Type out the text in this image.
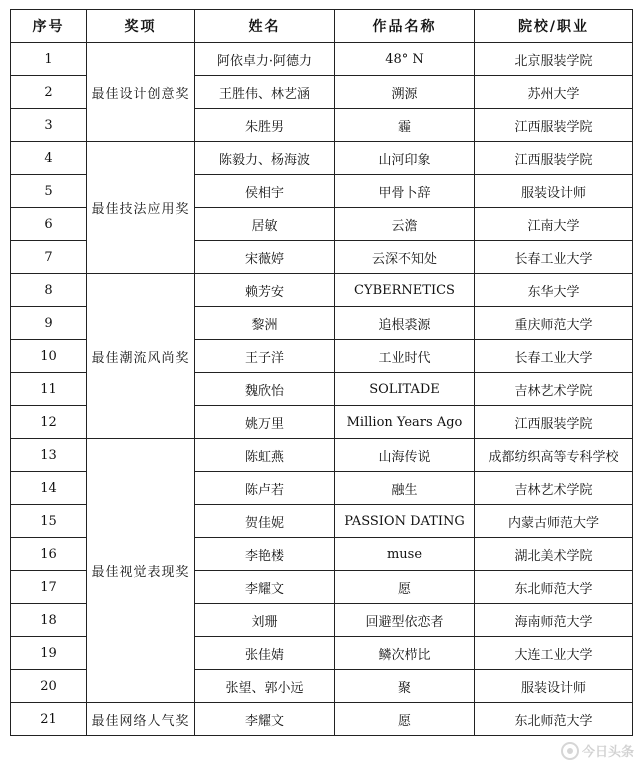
序号	奖项	姓名	作品名称	院校/职业
1	最佳设计创意奖	阿依卓力·阿德力	48° N	北京服装学院
2		王胜伟、林艺涵	溯源	苏州大学
3		朱胜男	霾	江西服装学院
4	最佳技法应用奖	陈毅力、杨海波	山河印象	江西服装学院
5		侯相宇	甲骨卜辞	服装设计师
6		居敏	云澹	江南大学
7		宋薇婷	云深不知处	长春工业大学
8	最佳潮流风尚奖	赖芳安	CYBERNETICS	东华大学
9		黎洲	追根裘源	重庆师范大学
10		王子洋	工业时代	长春工业大学
11		魏欣怡	SOLITADE	吉林艺术学院
12		姚万里	Million Years Ago	江西服装学院
13	最佳视觉表现奖	陈虹燕	山海传说	成都纺织高等专科学校
14		陈卢若	融生	吉林艺术学院
15		贺佳妮	PASSION DATING	内蒙古师范大学
16		李艳楼	muse	湖北美术学院
17		李耀文	愿	东北师范大学
18		刘珊	回避型依恋者	海南师范大学
19		张佳婧	鳞次栉比	大连工业大学
20		张望、郭小远	聚	服装设计师
21	最佳网络人气奖	李耀文	愿	东北师范大学
今日头条
